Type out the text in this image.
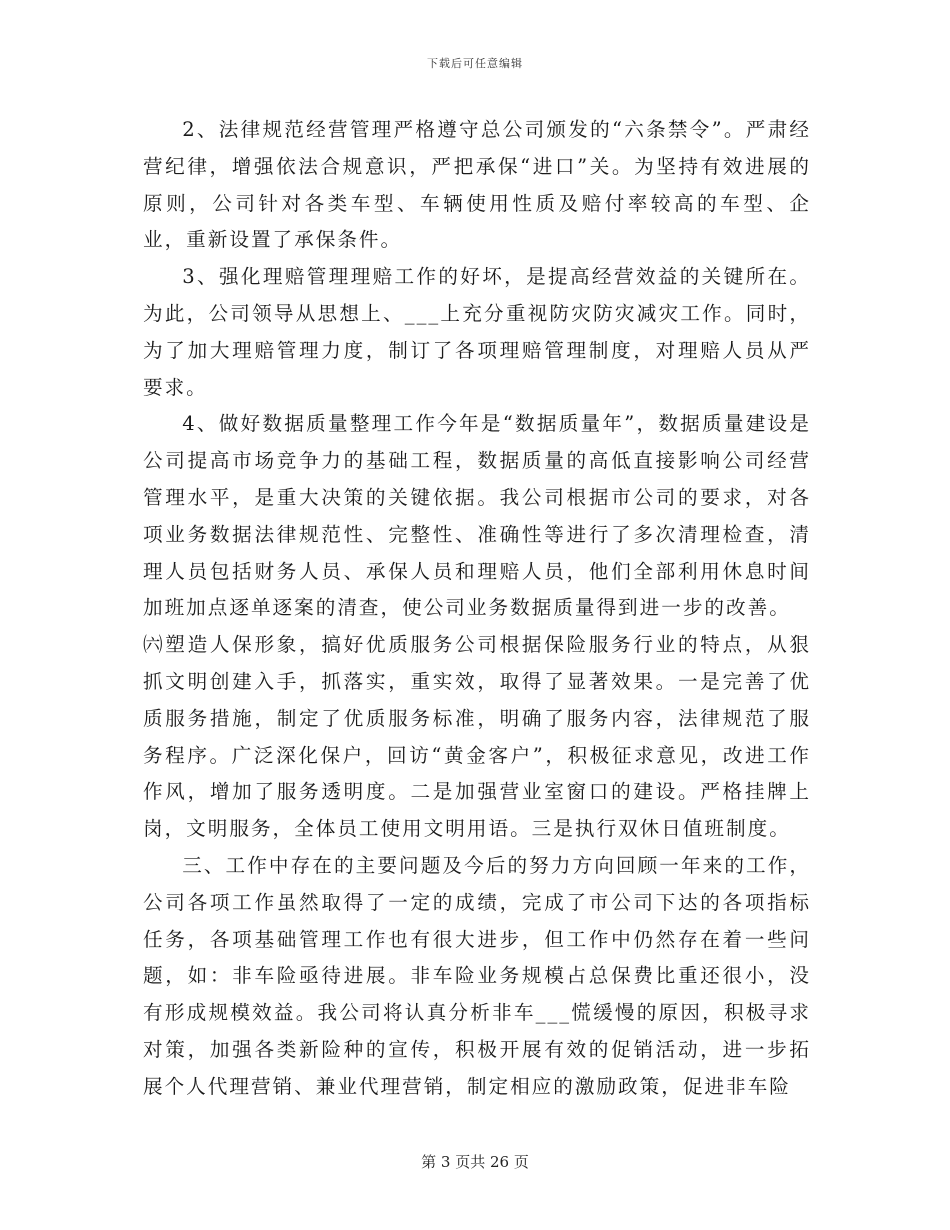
下载后可任意编辑

2、法律规范经营管理严格遵守总公司颁发的“六条禁令”。严肃经营纪律，增强依法合规意识，严把承保“进口”关。为坚持有效进展的原则，公司针对各类车型、车辆使用性质及赔付率较高的车型、企业，重新设置了承保条件。

3、强化理赔管理理赔工作的好坏，是提高经营效益的关键所在。为此，公司领导从思想上、___上充分重视防灾防灾减灾工作。同时，为了加大理赔管理力度，制订了各项理赔管理制度，对理赔人员从严要求。

4、做好数据质量整理工作今年是“数据质量年”，数据质量建设是公司提高市场竞争力的基础工程，数据质量的高低直接影响公司经营管理水平，是重大决策的关键依据。我公司根据市公司的要求，对各项业务数据法律规范性、完整性、准确性等进行了多次清理检查，清理人员包括财务人员、承保人员和理赔人员，他们全部利用休息时间加班加点逐单逐案的清查，使公司业务数据质量得到进一步的改善。

㈥塑造人保形象，搞好优质服务公司根据保险服务行业的特点，从狠抓文明创建入手，抓落实，重实效，取得了显著效果。一是完善了优质服务措施，制定了优质服务标准，明确了服务内容，法律规范了服务程序。广泛深化保户，回访“黄金客户”，积极征求意见，改进工作作风，增加了服务透明度。二是加强营业室窗口的建设。严格挂牌上岗，文明服务，全体员工使用文明用语。三是执行双休日值班制度。

三、工作中存在的主要问题及今后的努力方向回顾一年来的工作，公司各项工作虽然取得了一定的成绩，完成了市公司下达的各项指标任务，各项基础管理工作也有很大进步，但工作中仍然存在着一些问题，如：非车险亟待进展。非车险业务规模占总保费比重还很小，没有形成规模效益。我公司将认真分析非车___慌缓慢的原因，积极寻求对策，加强各类新险种的宣传，积极开展有效的促销活动，进一步拓展个人代理营销、兼业代理营销，制定相应的激励政策，促进非车险

第 3 页共 26 页
